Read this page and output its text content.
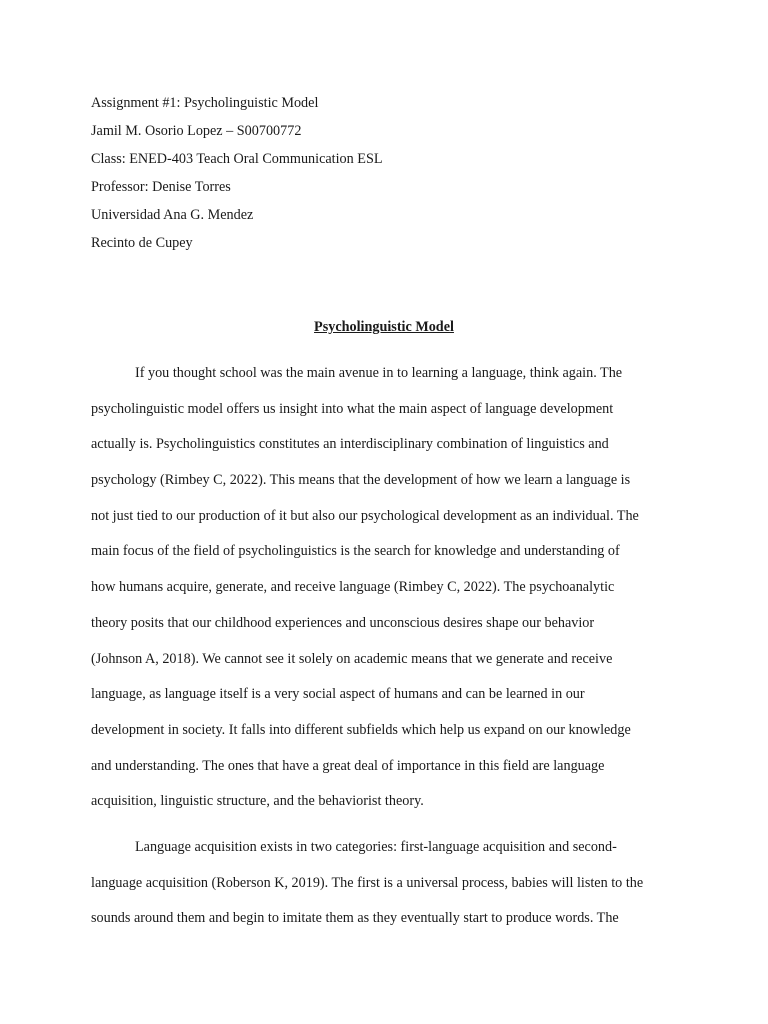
Assignment #1: Psycholinguistic Model
Jamil M. Osorio Lopez – S00700772
Class: ENED-403 Teach Oral Communication ESL
Professor: Denise Torres
Universidad Ana G. Mendez
Recinto de Cupey
Psycholinguistic Model
If you thought school was the main avenue in to learning a language, think again. The
psycholinguistic model offers us insight into what the main aspect of language development
actually is. Psycholinguistics constitutes an interdisciplinary combination of linguistics and
psychology (Rimbey C, 2022). This means that the development of how we learn a language is
not just tied to our production of it but also our psychological development as an individual. The
main focus of the field of psycholinguistics is the search for knowledge and understanding of
how humans acquire, generate, and receive language (Rimbey C, 2022). The psychoanalytic
theory posits that our childhood experiences and unconscious desires shape our behavior
(Johnson A, 2018). We cannot see it solely on academic means that we generate and receive
language, as language itself is a very social aspect of humans and can be learned in our
development in society. It falls into different subfields which help us expand on our knowledge
and understanding. The ones that have a great deal of importance in this field are language
acquisition, linguistic structure, and the behaviorist theory.
Language acquisition exists in two categories: first-language acquisition and second-
language acquisition (Roberson K, 2019). The first is a universal process, babies will listen to the
sounds around them and begin to imitate them as they eventually start to produce words. The
